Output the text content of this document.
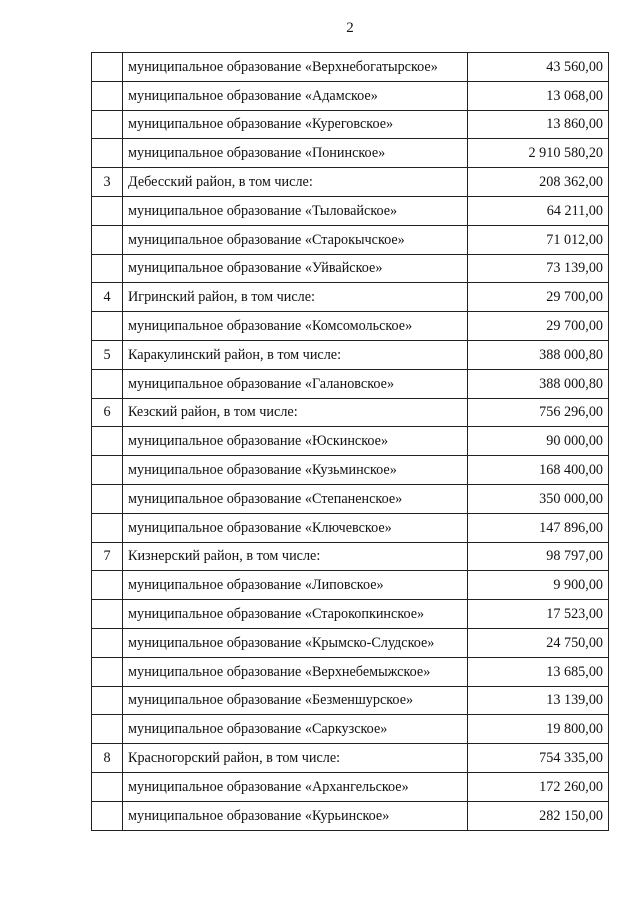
2
	муниципальное образование «Верхнебогатырское»	43 560,00
	муниципальное образование «Адамское»	13 068,00
	муниципальное образование «Куреговское»	13 860,00
	муниципальное образование «Понинское»	2 910 580,20
3	Дебесский район, в том числе:	208 362,00
	муниципальное образование «Тыловайское»	64 211,00
	муниципальное образование «Старокычское»	71 012,00
	муниципальное образование «Уйвайское»	73 139,00
4	Игринский район, в том числе:	29 700,00
	муниципальное образование «Комсомольское»	29 700,00
5	Каракулинский район, в том числе:	388 000,80
	муниципальное образование «Галановское»	388 000,80
6	Кезский район, в том числе:	756 296,00
	муниципальное образование «Юскинское»	90 000,00
	муниципальное образование «Кузьминское»	168 400,00
	муниципальное образование «Степаненское»	350 000,00
	муниципальное образование «Ключевское»	147 896,00
7	Кизнерский район, в том числе:	98 797,00
	муниципальное образование «Липовское»	9 900,00
	муниципальное образование «Старокопкинское»	17 523,00
	муниципальное образование «Крымско-Слудское»	24 750,00
	муниципальное образование «Верхнебемыжское»	13 685,00
	муниципальное образование «Безменшурское»	13 139,00
	муниципальное образование «Саркузское»	19 800,00
8	Красногорский район, в том числе:	754 335,00
	муниципальное образование «Архангельское»	172 260,00
	муниципальное образование «Курьинское»	282 150,00
